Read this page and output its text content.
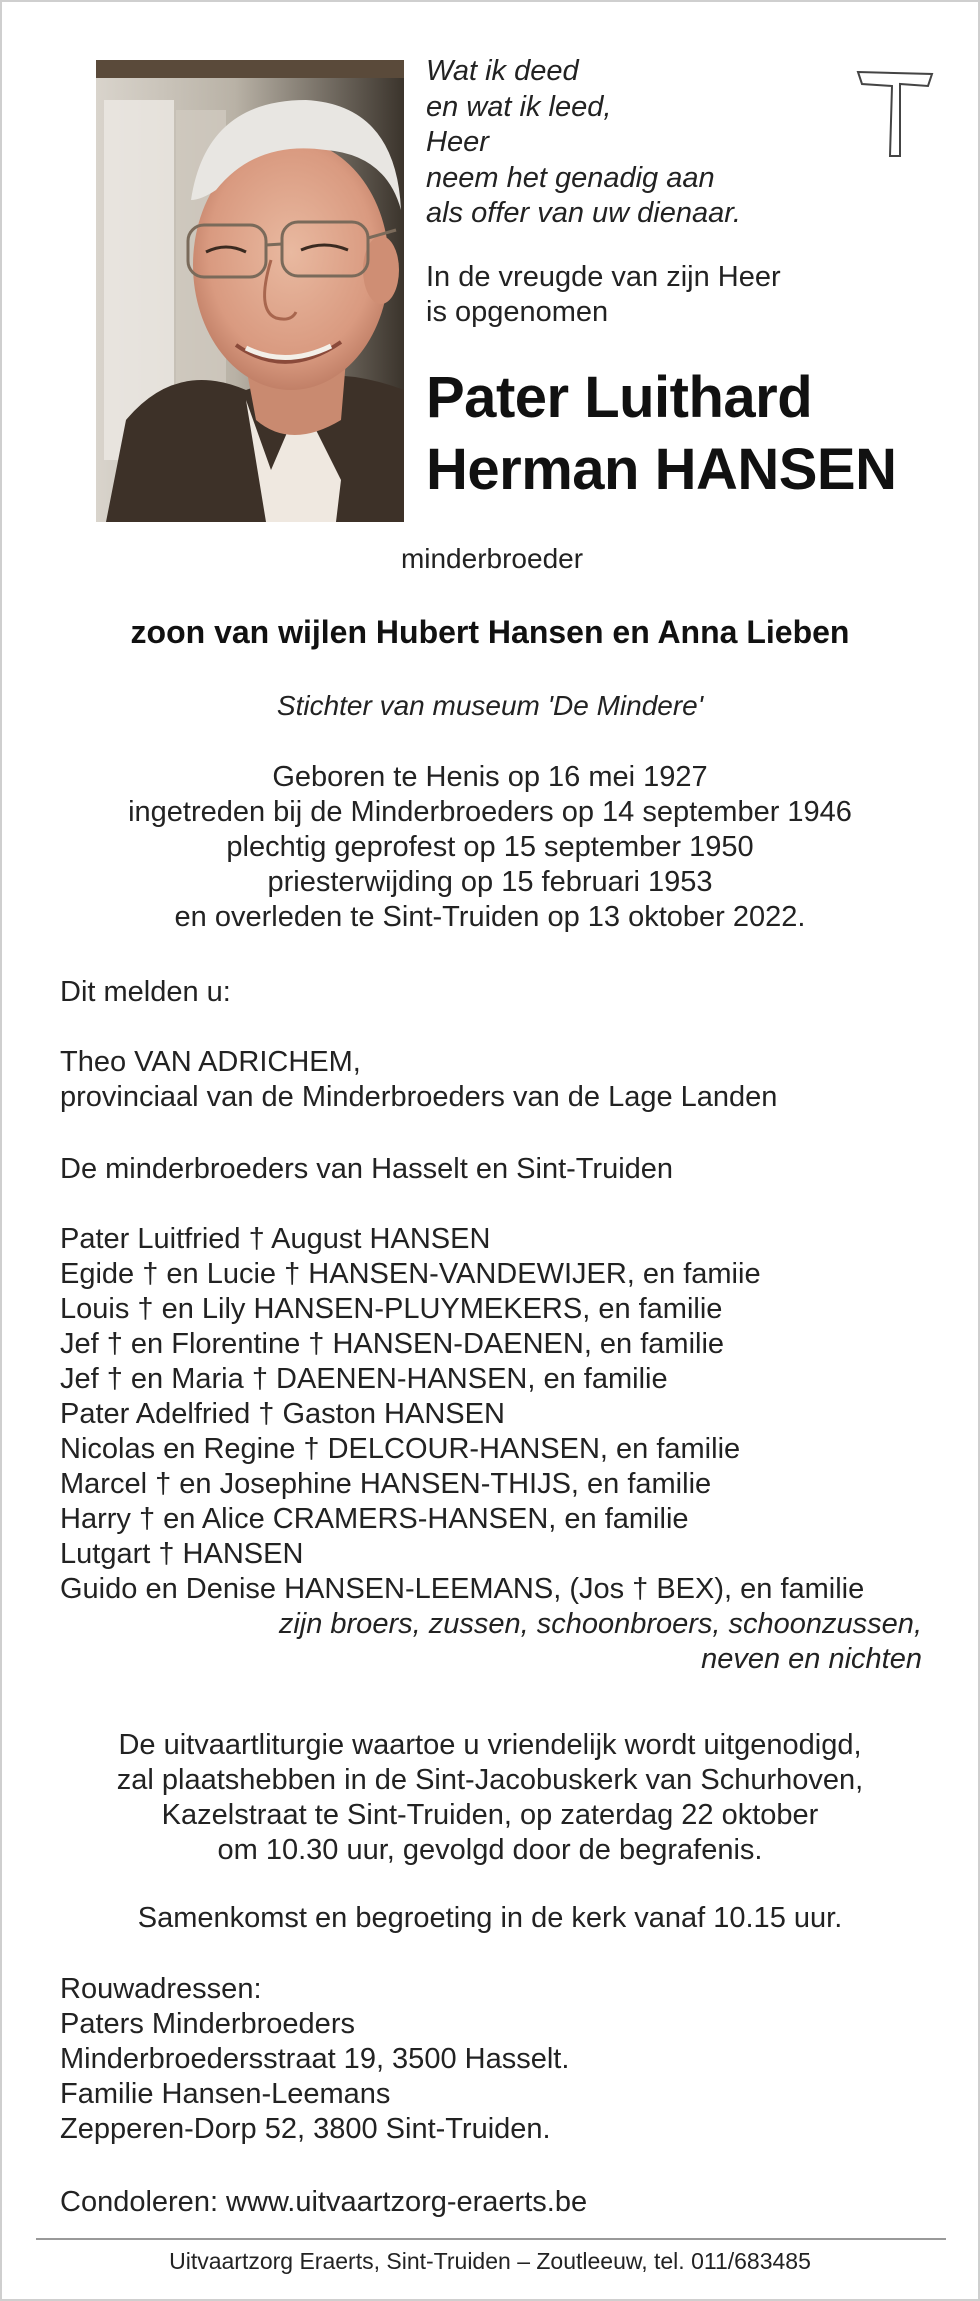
Wat ik deed
en wat ik leed,
Heer
neem het genadig aan
als offer van uw dienaar.
In de vreugde van zijn Heer
is opgenomen
Pater Luithard
Herman HANSEN
minderbroeder
zoon van wijlen Hubert Hansen en Anna Lieben
Stichter van museum 'De Mindere'
Geboren te Henis op 16 mei 1927
ingetreden bij de Minderbroeders op 14 september 1946
plechtig geprofest op 15 september 1950
priesterwijding op 15 februari 1953
en overleden te Sint-Truiden op 13 oktober 2022.
Dit melden u:
Theo VAN ADRICHEM,
provinciaal van de Minderbroeders van de Lage Landen
De minderbroeders van Hasselt en Sint-Truiden
Pater Luitfried † August HANSEN
Egide † en Lucie † HANSEN-VANDEWIJER, en famiie
Louis † en Lily HANSEN-PLUYMEKERS, en familie
Jef † en Florentine † HANSEN-DAENEN, en familie
Jef † en Maria † DAENEN-HANSEN, en familie
Pater Adelfried † Gaston HANSEN
Nicolas en Regine † DELCOUR-HANSEN, en familie
Marcel † en Josephine HANSEN-THIJS, en familie
Harry † en Alice CRAMERS-HANSEN, en familie
Lutgart † HANSEN
Guido en Denise HANSEN-LEEMANS, (Jos † BEX), en familie
zijn broers, zussen, schoonbroers, schoonzussen,
neven en nichten
De uitvaartliturgie waartoe u vriendelijk wordt uitgenodigd,
zal plaatshebben in de Sint-Jacobuskerk van Schurhoven,
Kazelstraat te Sint-Truiden, op zaterdag 22 oktober
om 10.30 uur, gevolgd door de begrafenis.
Samenkomst en begroeting in de kerk vanaf 10.15 uur.
Rouwadressen:
Paters Minderbroeders
Minderbroedersstraat 19, 3500 Hasselt.
Familie Hansen-Leemans
Zepperen-Dorp 52, 3800 Sint-Truiden.
Condoleren: www.uitvaartzorg-eraerts.be
Uitvaartzorg Eraerts, Sint-Truiden – Zoutleeuw, tel. 011/683485
